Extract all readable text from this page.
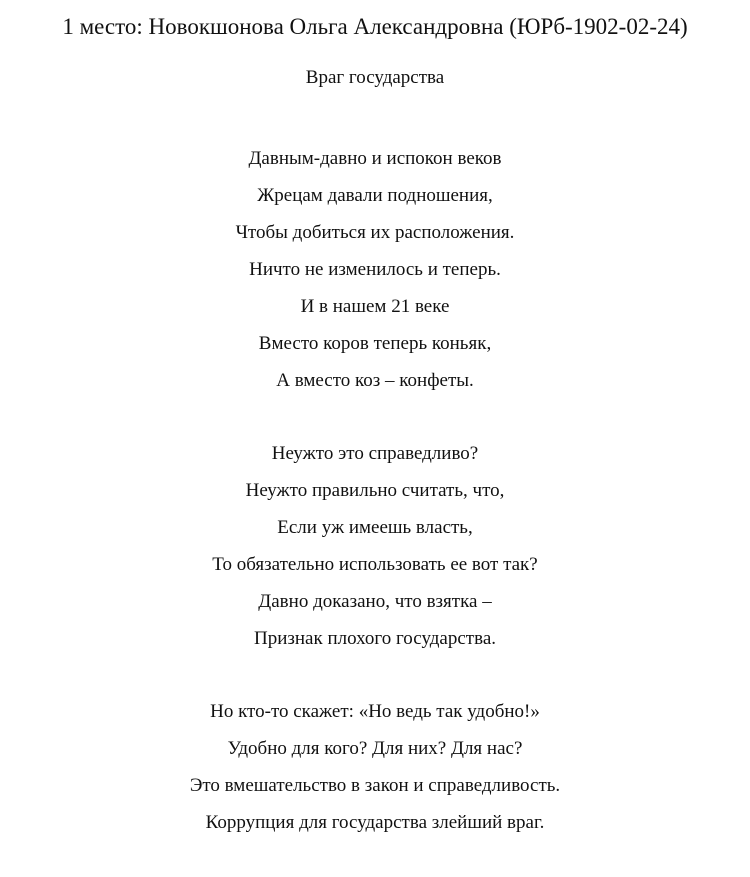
1 место: Новокшонова Ольга Александровна (ЮРб-1902-02-24)
Враг государства
Давным-давно и испокон веков
Жрецам давали подношения,
Чтобы добиться их расположения.
Ничто не изменилось и теперь.
И в нашем 21 веке
Вместо коров теперь коньяк,
А вместо коз – конфеты.
Неужто это справедливо?
Неужто правильно считать, что,
Если уж имеешь власть,
То обязательно использовать ее вот так?
Давно доказано, что взятка –
Признак плохого государства.
Но кто-то скажет: «Но ведь так удобно!»
Удобно для кого? Для них? Для нас?
Это вмешательство в закон и справедливость.
Коррупция для государства злейший враг.
